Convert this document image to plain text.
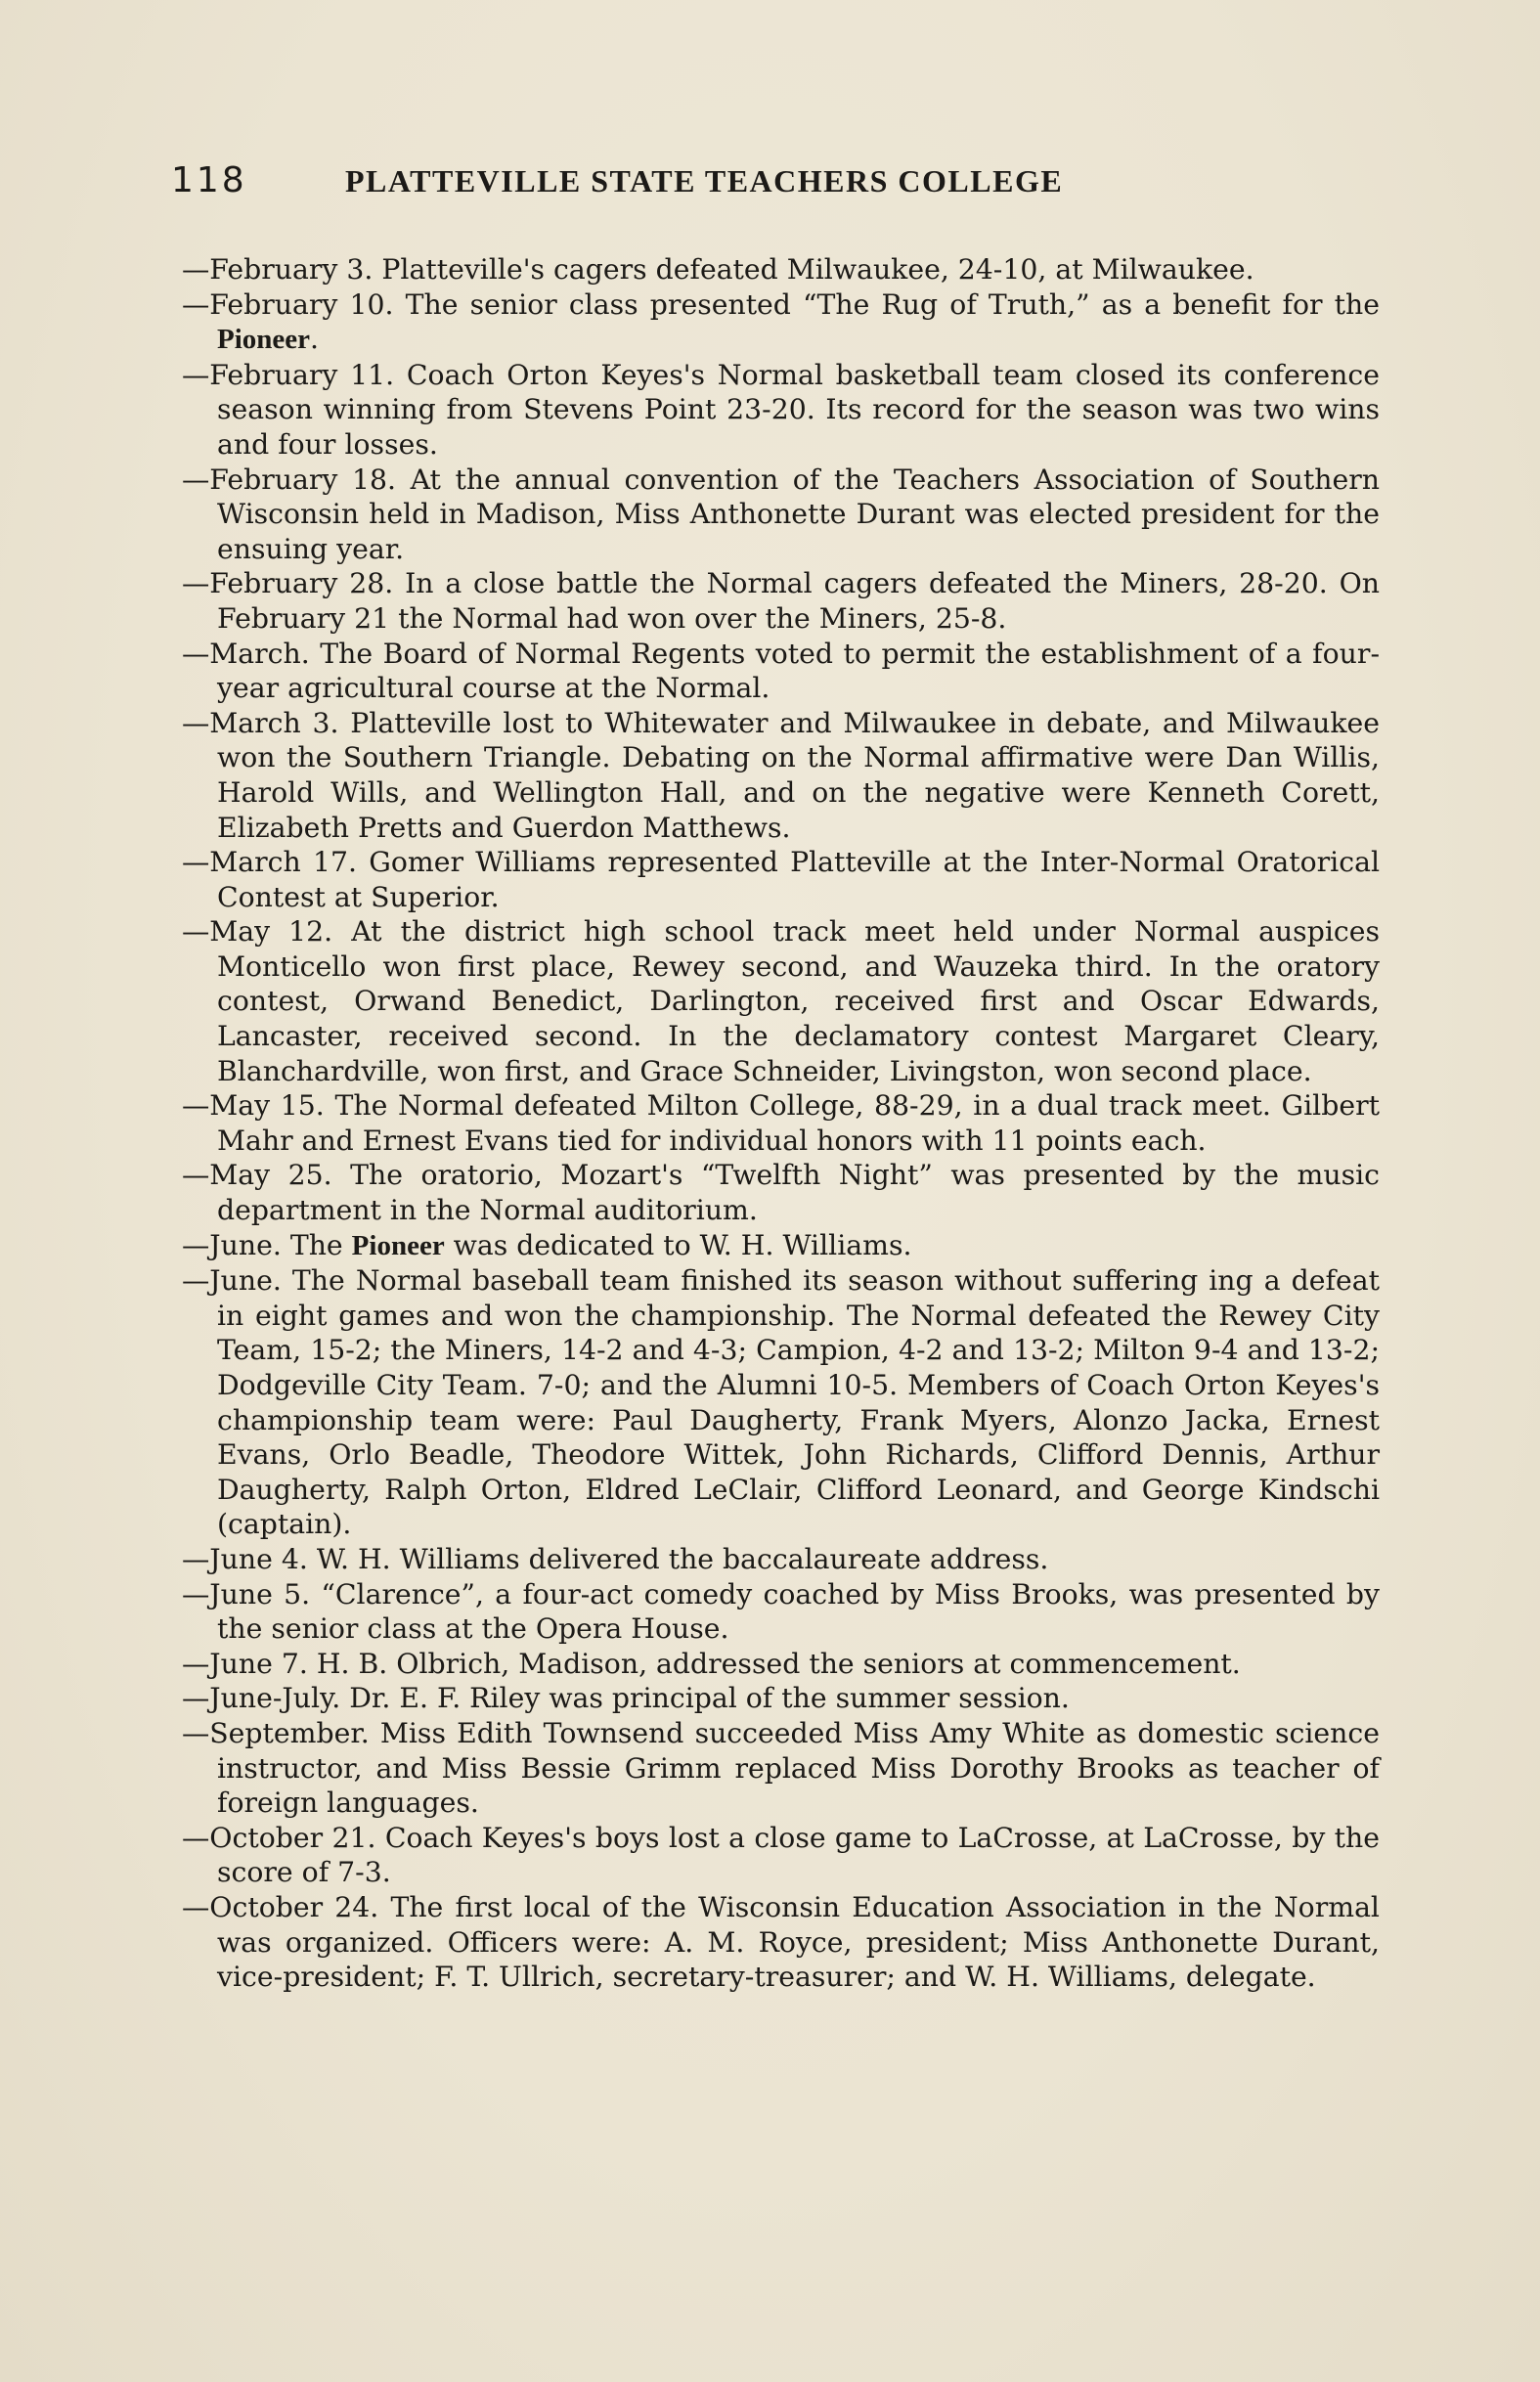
118	PLATTEVILLE STATE TEACHERS COLLEGE

—February 3. Platteville's cagers defeated Milwaukee, 24-10, at Milwaukee.

—February 10. The senior class presented “The Rug of Truth,” as a benefit for the Pioneer.

—February 11. Coach Orton Keyes's Normal basketball team closed its conference season winning from Stevens Point 23-20. Its record for the season was two wins and four losses.

—February 18. At the annual convention of the Teachers Association of Southern Wisconsin held in Madison, Miss Anthonette Durant was elected president for the ensuing year.

—February 28. In a close battle the Normal cagers defeated the Miners, 28-20. On February 21 the Normal had won over the Miners, 25-8.

—March. The Board of Normal Regents voted to permit the establishment of a four-year agricultural course at the Normal.

—March 3. Platteville lost to Whitewater and Milwaukee in debate, and Milwaukee won the Southern Triangle. Debating on the Normal affirmative were Dan Willis, Harold Wills, and Wellington Hall, and on the negative were Kenneth Corett, Elizabeth Pretts and Guerdon Matthews.

—March 17. Gomer Williams represented Platteville at the Inter-Normal Oratorical Contest at Superior.

—May 12. At the district high school track meet held under Normal auspices Monticello won first place, Rewey second, and Wauzeka third. In the oratory contest, Orwand Benedict, Darlington, received first and Oscar Edwards, Lancaster, received second. In the declamatory contest Margaret Cleary, Blanchardville, won first, and Grace Schneider, Livingston, won second place.

—May 15. The Normal defeated Milton College, 88-29, in a dual track meet. Gilbert Mahr and Ernest Evans tied for individual honors with 11 points each.

—May 25. The oratorio, Mozart's “Twelfth Night” was presented by the music department in the Normal auditorium.

—June. The Pioneer was dedicated to W. H. Williams.

—June. The Normal baseball team finished its season without suffering ing a defeat in eight games and won the championship. The Normal defeated the Rewey City Team, 15-2; the Miners, 14-2 and 4-3; Campion, 4-2 and 13-2; Milton 9-4 and 13-2; Dodgeville City Team. 7-0; and the Alumni 10-5. Members of Coach Orton Keyes's championship team were: Paul Daugherty, Frank Myers, Alonzo Jacka, Ernest Evans, Orlo Beadle, Theodore Wittek, John Richards, Clifford Dennis, Arthur Daugherty, Ralph Orton, Eldred LeClair, Clifford Leonard, and George Kindschi (captain).

—June 4. W. H. Williams delivered the baccalaureate address.

—June 5. “Clarence”, a four-act comedy coached by Miss Brooks, was presented by the senior class at the Opera House.

—June 7. H. B. Olbrich, Madison, addressed the seniors at commencement.

—June-July. Dr. E. F. Riley was principal of the summer session.

—September. Miss Edith Townsend succeeded Miss Amy White as domestic science instructor, and Miss Bessie Grimm replaced Miss Dorothy Brooks as teacher of foreign languages.

—October 21. Coach Keyes's boys lost a close game to LaCrosse, at LaCrosse, by the score of 7-3.

—October 24. The first local of the Wisconsin Education Association in the Normal was organized. Officers were: A. M. Royce, president; Miss Anthonette Durant, vice-president; F. T. Ullrich, secretary-treasurer; and W. H. Williams, delegate.
